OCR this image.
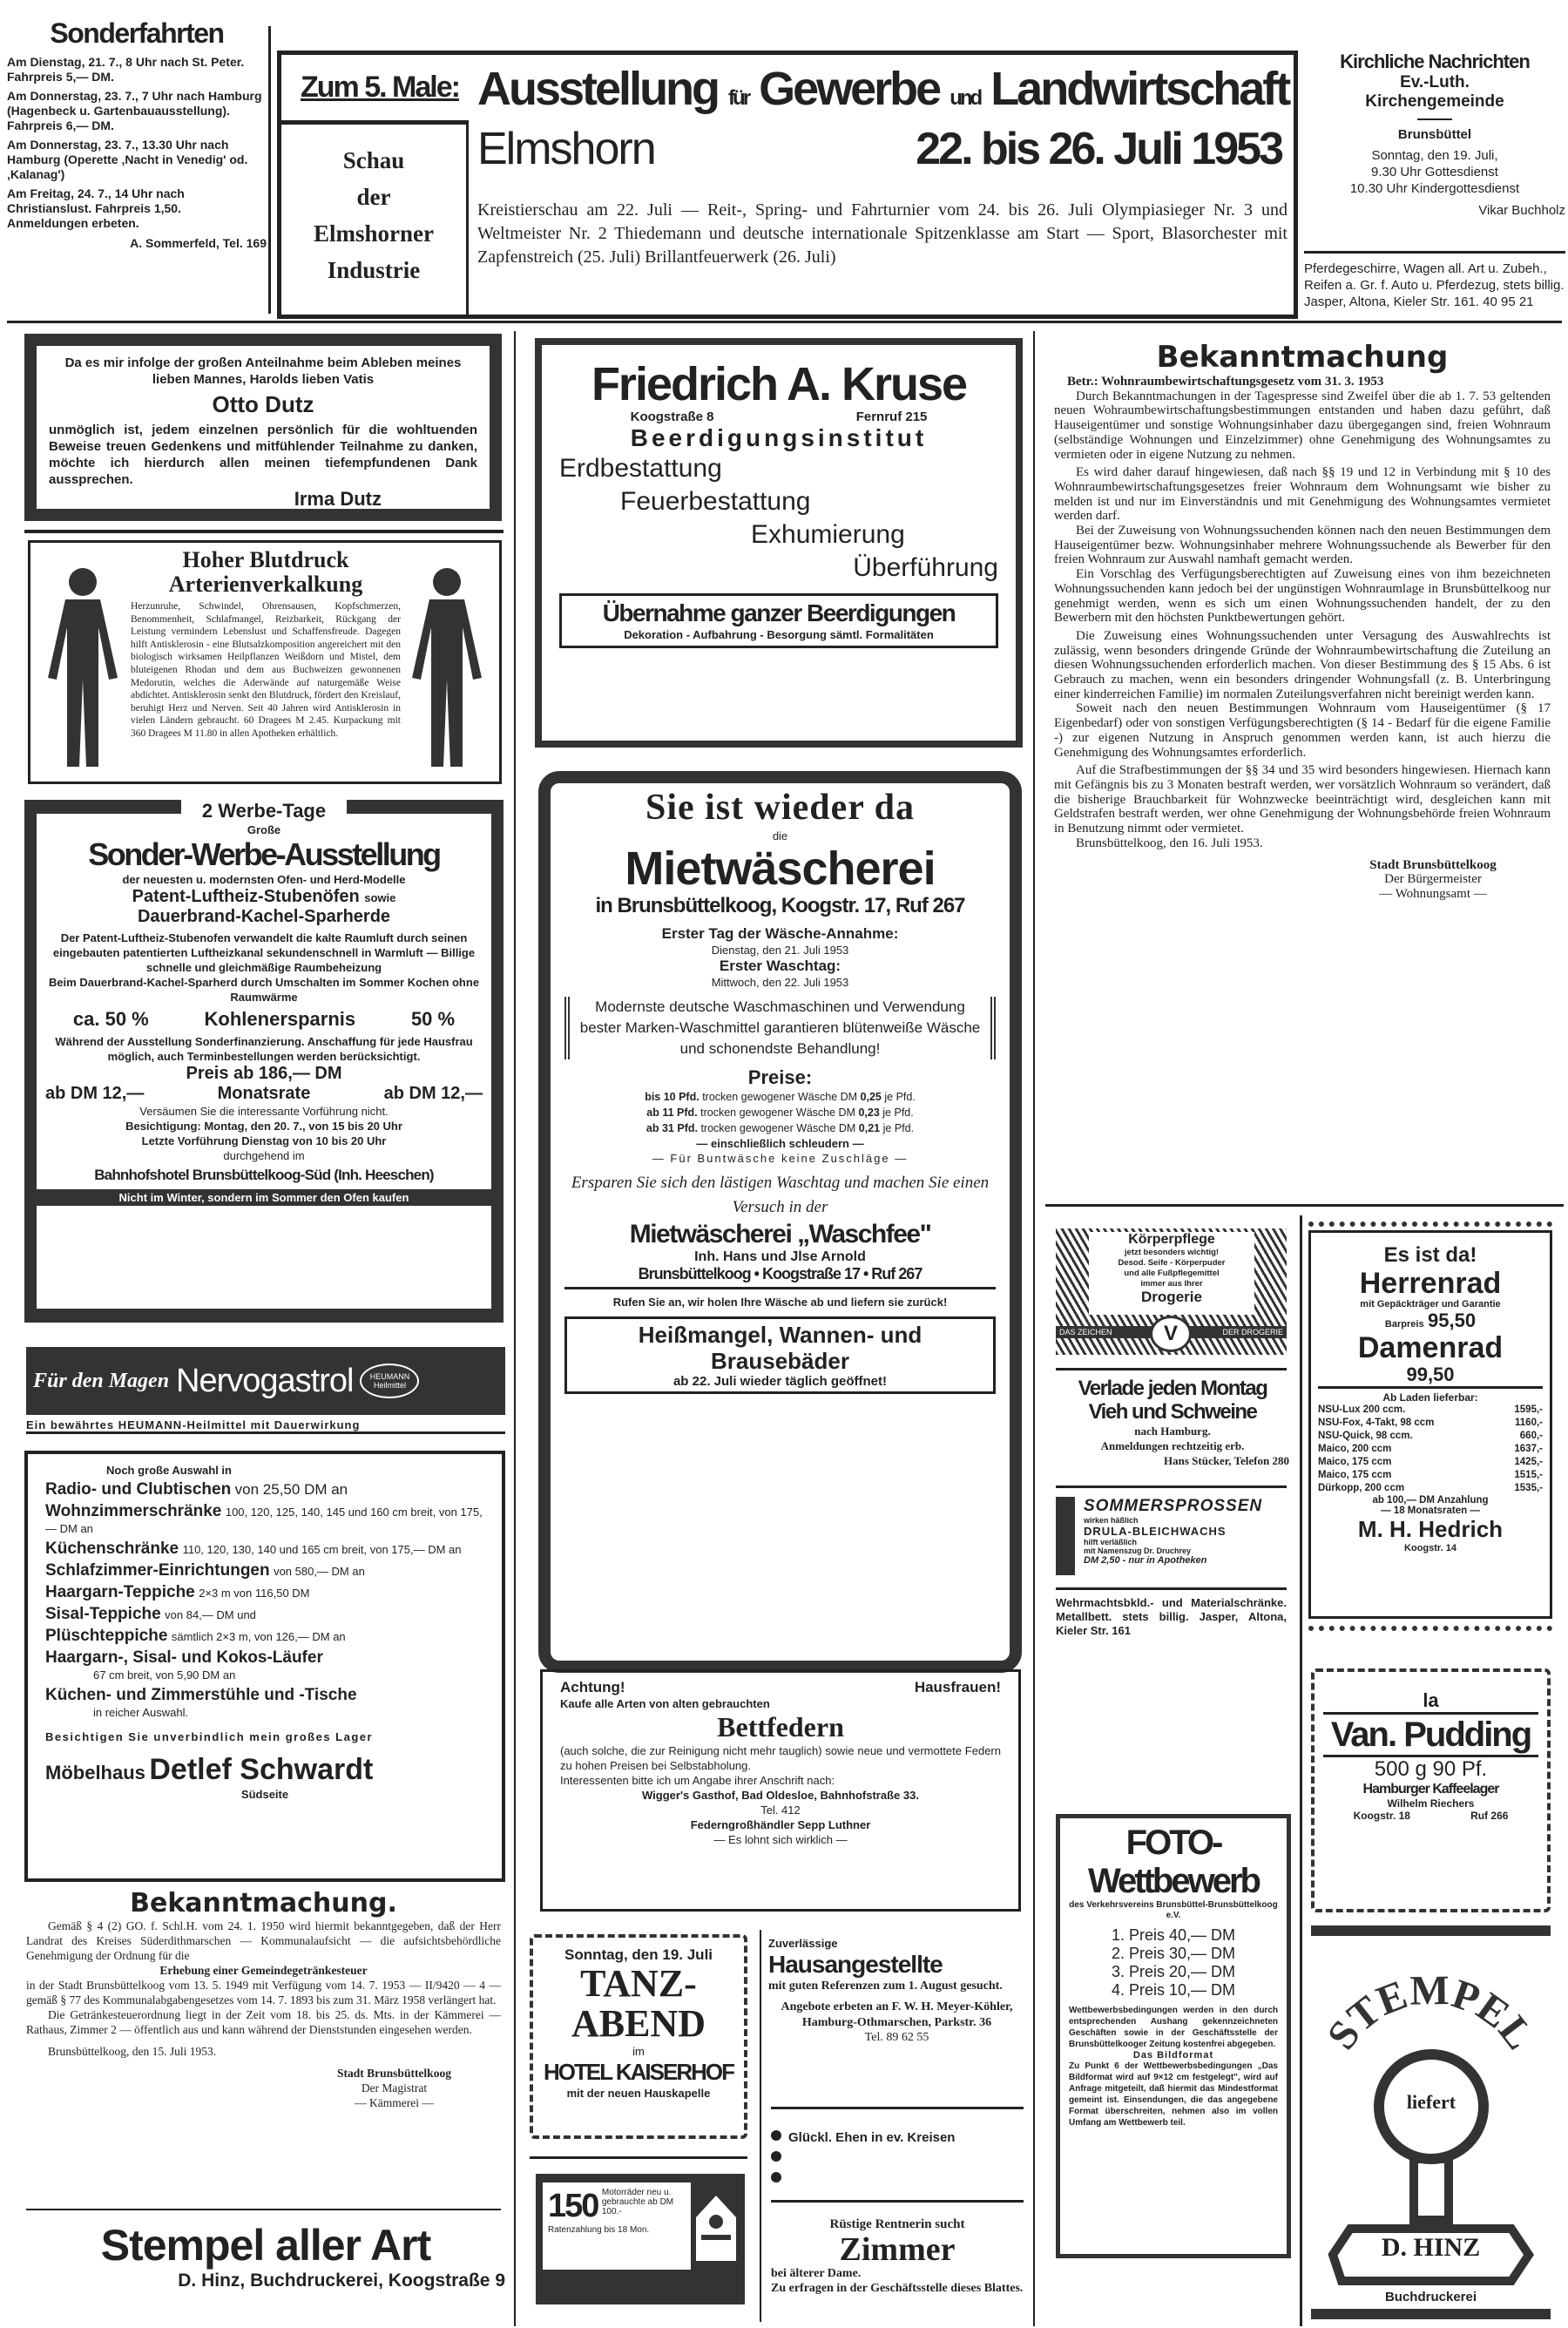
Sonderfahrten

Am Dienstag, 21. 7., 8 Uhr nach St. Peter. Fahrpreis 5,— DM.

Am Donnerstag, 23. 7., 7 Uhr nach Hamburg (Hagenbeck u. Gartenbauausstellung). Fahrpreis 6,— DM.

Am Donnerstag, 23. 7., 13.30 Uhr nach Hamburg (Operette ‚Nacht in Venedig' od. ‚Kalanag')

Am Freitag, 24. 7., 14 Uhr nach Christianslust. Fahrpreis 1,50.

Anmeldungen erbeten.

A. Sommerfeld, Tel. 169

Zum 5. Male:

Schau

der

Elmshorner

Industrie

Ausstellung für Gewerbe und Landwirtschaft
Elmshorn	22. bis 26. Juli 1953
Kreistierschau am 22. Juli — Reit-, Spring- und Fahrturnier vom 24. bis 26. Juli Olympiasieger Nr. 3 und Weltmeister Nr. 2 Thiedemann und deutsche internationale Spitzenklasse am Start — Sport, Blasorchester mit Zapfenstreich (25. Juli) Brillantfeuerwerk (26. Juli)
Kirchliche Nachrichten
Ev.-Luth.
Kirchengemeinde
Brunsbüttel
Sonntag, den 19. Juli,
9.30 Uhr Gottesdienst
10.30 Uhr Kindergottesdienst
Vikar Buchholz
Pferdegeschirre, Wagen all. Art u. Zubeh., Reifen a. Gr. f. Auto u. Pferdezug, stets billig. Jasper, Altona, Kieler Str. 161. 40 95 21

Da es mir infolge der großen Anteilnahme beim Ableben meines lieben Mannes, Harolds lieben Vatis

Otto Dutz

unmöglich ist, jedem einzelnen persönlich für die wohltuenden Beweise treuen Gedenkens und mitfühlender Teilnahme zu danken, möchte ich hierdurch allen meinen tiefempfundenen Dank aussprechen.

Irma Dutz

Hoher Blutdruck

Arterienverkalkung

Herzunruhe, Schwindel, Ohrensausen, Kopfschmerzen, Benommenheit, Schlafmangel, Reizbarkeit, Rückgang der Leistung vermindern Lebenslust und Schaffensfreude. Dagegen hilft Antisklerosin - eine Blutsalzkomposition angereichert mit den biologisch wirksamen Heilpflanzen Weißdorn und Mistel, dem bluteigenen Rhodan und dem aus Buchweizen gewonnenen Medorutin, welches die Aderwände auf naturgemäße Weise abdichtet. Antisklerosin senkt den Blutdruck, fördert den Kreislauf, beruhigt Herz und Nerven. Seit 40 Jahren wird Antisklerosin in vielen Ländern gebraucht. 60 Dragees M 2.45. Kurpackung mit 360 Dragees M 11.80 in allen Apotheken erhältlich.

2 Werbe-Tage
Große
Sonder-Werbe-Ausstellung
der neuesten u. modernsten Ofen- und Herd-Modelle
Patent-Luftheiz-Stubenöfen sowie
Dauerbrand-Kachel-Sparherde

Der Patent-Luftheiz-Stubenofen verwandelt die kalte Raumluft durch seinen eingebauten patentierten Luftheizkanal sekundenschnell in Warmluft — Billige schnelle und gleichmäßige Raumbeheizung

Beim Dauerbrand-Kachel-Sparherd durch Umschalten im Sommer Kochen ohne Raumwärme

ca. 50 %	Kohlenersparnis	50 %

Während der Ausstellung Sonderfinanzierung. Anschaffung für jede Hausfrau möglich, auch Terminbestellungen werden berücksichtigt.

Preis ab 186,— DM
ab DM 12,—	Monatsrate	ab DM 12,—

Versäumen Sie die interessante Vorführung nicht.

Besichtigung: Montag, den 20. 7., von 15 bis 20 Uhr

Letzte Vorführung Dienstag von 10 bis 20 Uhr

durchgehend im

Bahnhofshotel Brunsbüttelkoog-Süd (Inh. Heeschen)

Nicht im Winter, sondern im Sommer den Ofen kaufen

Für den Magen Nervogastrol	HEUMANN Heilmittel
Ein bewährtes HEUMANN-Heilmittel mit Dauerwirkung

Noch große Auswahl in

Radio- und Clubtischen von 25,50 DM an

Wohnzimmerschränke 100, 120, 125, 140, 145 und 160 cm breit, von 175,— DM an

Küchenschränke 110, 120, 130, 140 und 165 cm breit, von 175,— DM an

Schlafzimmer-Einrichtungen von 580,— DM an

Haargarn-Teppiche 2×3 m von 116,50 DM

Sisal-Teppiche von 84,— DM und

Plüschteppiche sämtlich 2×3 m, von 126,— DM an

Haargarn-, Sisal- und Kokos-Läufer
67 cm breit, von 5,90 DM an

Küchen- und Zimmerstühle und -Tische
in reicher Auswahl.

Besichtigen Sie unverbindlich mein großes Lager

Möbelhaus Detlef Schwardt

Südseite

Bekanntmachung.

Gemäß § 4 (2) GO. f. Schl.H. vom 24. 1. 1950 wird hiermit bekanntgegeben, daß der Herr Landrat des Kreises Süderdithmarschen — Kommunalaufsicht — die aufsichtsbehördliche Genehmigung der Ordnung für die

Erhebung einer Gemeindegetränkesteuer

in der Stadt Brunsbüttelkoog vom 13. 5. 1949 mit Verfügung vom 14. 7. 1953 — II/9420 — 4 — gemäß § 77 des Kommunalabgabengesetzes vom 14. 7. 1893 bis zum 31. März 1958 verlängert hat.

Die Getränkesteuerordnung liegt in der Zeit vom 18. bis 25. ds. Mts. in der Kämmerei — Rathaus, Zimmer 2 — öffentlich aus und kann während der Dienststunden eingesehen werden.

Brunsbüttelkoog, den 15. Juli 1953.

Stadt Brunsbüttelkoog

Der Magistrat

— Kämmerei —

Stempel aller Art
D. Hinz, Buchdruckerei, Koogstraße 9
Friedrich A. Kruse
Koogstraße 8	Fernruf 215
Beerdigungsinstitut

Erdbestattung

Feuerbestattung

Exhumierung

Überführung

Übernahme ganzer Beerdigungen

Dekoration - Aufbahrung - Besorgung sämtl. Formalitäten

Sie ist wieder da

die

Mietwäscherei

in Brunsbüttelkoog, Koogstr. 17, Ruf 267

Erster Tag der Wäsche-Annahme:

Dienstag, den 21. Juli 1953

Erster Waschtag:

Mittwoch, den 22. Juli 1953

Modernste deutsche Waschmaschinen und Verwendung bester Marken-Waschmittel garantieren blütenweiße Wäsche und schonendste Behandlung!

Preise:

bis 10 Pfd. trocken gewogener Wäsche DM 0,25 je Pfd.

ab 11 Pfd. trocken gewogener Wäsche DM 0,23 je Pfd.

ab 31 Pfd. trocken gewogener Wäsche DM 0,21 je Pfd.

— einschließlich schleudern —

— Für Buntwäsche keine Zuschläge —

Ersparen Sie sich den lästigen Waschtag und machen Sie einen Versuch in der

Mietwäscherei „Waschfee"

Inh. Hans und Jlse Arnold

Brunsbüttelkoog • Koogstraße 17 • Ruf 267

Rufen Sie an, wir holen Ihre Wäsche ab und liefern sie zurück!

Heißmangel, Wannen- und Brausebäder

ab 22. Juli wieder täglich geöffnet!

Achtung!	Hausfrauen!

Kaufe alle Arten von alten gebrauchten

Bettfedern

(auch solche, die zur Reinigung nicht mehr tauglich) sowie neue und vermottete Federn zu hohen Preisen bei Selbstabholung.

Interessenten bitte ich um Angabe ihrer Anschrift nach:

Wigger's Gasthof, Bad Oldesloe, Bahnhofstraße 33.

Tel. 412

Federngroßhändler Sepp Luthner

— Es lohnt sich wirklich —

Sonntag, den 19. Juli

TANZ-

ABEND

im

HOTEL KAISERHOF

mit der neuen Hauskapelle

150 Motorräder neu u. gebrauchte ab DM 100.-

Ratenzahlung bis 18 Mon.

Zuverlässige

Hausangestellte

mit guten Referenzen zum 1. August gesucht.

Angebote erbeten an F. W. H. Meyer-Köhler, Hamburg-Othmarschen, Parkstr. 36

Tel. 89 62 55

Glückl. Ehen in ev. Kreisen

Rüstige Rentnerin sucht

Zimmer

bei älterer Dame.

Zu erfragen in der Geschäftsstelle dieses Blattes.

Bekanntmachung

Betr.: Wohnraumbewirtschaftungsgesetz vom 31. 3. 1953

Durch Bekanntmachungen in der Tagespresse sind Zweifel über die ab 1. 7. 53 geltenden neuen Wohraumbewirtschaftungsbestimmungen entstanden und haben dazu geführt, daß Hauseigentümer und sonstige Wohnungsinhaber dazu übergegangen sind, freien Wohnraum (selbständige Wohnungen und Einzelzimmer) ohne Genehmigung des Wohnungsamtes zu vermieten oder in eigene Nutzung zu nehmen.

Es wird daher darauf hingewiesen, daß nach §§ 19 und 12 in Verbindung mit § 10 des Wohnraumbewirtschaftungsgesetzes freier Wohnraum dem Wohnungsamt wie bisher zu melden ist und nur im Einverständnis und mit Genehmigung des Wohnungsamtes vermietet werden darf.

Bei der Zuweisung von Wohnungssuchenden können nach den neuen Bestimmungen dem Hauseigentümer bezw. Wohnungsinhaber mehrere Wohnungssuchende als Bewerber für den freien Wohnraum zur Auswahl namhaft gemacht werden.

Ein Vorschlag des Verfügungsberechtigten auf Zuweisung eines von ihm bezeichneten Wohnungssuchenden kann jedoch bei der ungünstigen Wohnraumlage in Brunsbüttelkoog nur genehmigt werden, wenn es sich um einen Wohnungssuchenden handelt, der zu den Bewerbern mit den höchsten Punktbewertungen gehört.

Die Zuweisung eines Wohnungssuchenden unter Versagung des Auswahlrechts ist zulässig, wenn besonders dringende Gründe der Wohnraumbewirtschaftung die Zuteilung an diesen Wohnungssuchenden erforderlich machen. Von dieser Bestimmung des § 15 Abs. 6 ist Gebrauch zu machen, wenn ein besonders dringender Wohnungsfall (z. B. Unterbringung einer kinderreichen Familie) im normalen Zuteilungsverfahren nicht bereinigt werden kann.

Soweit nach den neuen Bestimmungen Wohnraum vom Hauseigentümer (§ 17 Eigenbedarf) oder von sonstigen Verfügungsberechtigten (§ 14 - Bedarf für die eigene Familie -) zur eigenen Nutzung in Anspruch genommen werden kann, ist auch hierzu die Genehmigung des Wohnungsamtes erforderlich.

Auf die Strafbestimmungen der §§ 34 und 35 wird besonders hingewiesen. Hiernach kann mit Gefängnis bis zu 3 Monaten bestraft werden, wer vorsätzlich Wohnraum so verändert, daß die bisherige Brauchbarkeit für Wohnzwecke beeinträchtigt wird, desgleichen kann mit Geldstrafen bestraft werden, wer ohne Genehmigung der Wohnungsbehörde freien Wohnraum in Benutzung nimmt oder vermietet.

Brunsbüttelkoog, den 16. Juli 1953.

Stadt Brunsbüttelkoog

Der Bürgermeister

— Wohnungsamt —

Körperpflege

jetzt besonders wichtig!

Desod. Seife - Körperpuder

und alle Fußpflegemittel

immer aus Ihrer

Drogerie

DAS ZEICHEN	DER DROGERIE
V

Verlade jeden Montag

Vieh und Schweine

nach Hamburg.

Anmeldungen rechtzeitig erb.

Hans Stücker, Telefon 280

SOMMERSPROSSEN

wirken häßlich

DRULA-BLEICHWACHS

hilft verläßlich

mit Namenszug Dr. Druchrey

DM 2,50 - nur in Apotheken

Wehrmachtsbkld.- und Materialschränke. Metallbett. stets billig. Jasper, Altona, Kieler Str. 161

FOTO-

Wettbewerb

des Verkehrsvereins Brunsbüttel-Brunsbüttelkoog e.V.

1. Preis 40,— DM

2. Preis 30,— DM

3. Preis 20,— DM

4. Preis 10,— DM

Wettbewerbsbedingungen werden in den durch entsprechenden Aushang gekennzeichneten Geschäften sowie in der Geschäftsstelle der Brunsbüttelkooger Zeitung kostenfrei abgegeben.

Das Bildformat

Zu Punkt 6 der Wettbewerbsbedingungen „Das Bildformat wird auf 9×12 cm festgelegt", wird auf Anfrage mitgeteilt, daß hiermit das Mindestformat gemeint ist. Einsendungen, die das angegebene Format überschreiten, nehmen also im vollen Umfang am Wettbewerb teil.

Es ist da!

Herrenrad

mit Gepäckträger und Garantie

Barpreis 95,50

Damenrad

99,50

Ab Laden lieferbar:

NSU-Lux 200 ccm.	1595,-

NSU-Fox, 4-Takt, 98 ccm	1160,-

NSU-Quick, 98 ccm.	660,-

Maico, 200 ccm	1637,-

Maico, 175 ccm	1425,-

Maico, 175 ccm	1515,-

Dürkopp, 200 ccm	1535,-

ab 100,— DM Anzahlung

— 18 Monatsraten —

M. H. Hedrich

Koogstr. 14

la

Van. Pudding

500 g 90 Pf.

Hamburger Kaffeelager

Wilhelm Riechers

Koogstr. 18	Ruf 266

STEMPEL
liefert
D. HINZ
Buchdruckerei
